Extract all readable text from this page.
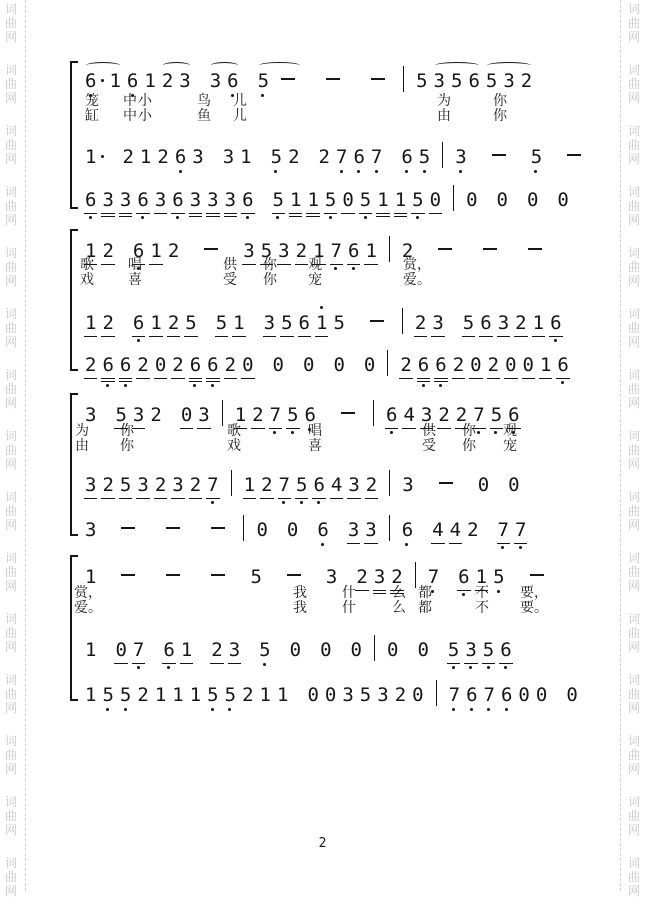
词
曲
网
词
曲
网
词
曲
网
词
曲
网
词
曲
网
词
曲
网
词
曲
网
词
曲
网
词
曲
网
词
曲
网
词
曲
网
词
曲
网
词
曲
网
词
曲
网
词
曲
网
词
曲
网
词
曲
网
词
曲
网
词
曲
网
词
曲
网
词
曲
网
词
曲
网
词
曲
网
词
曲
网
词
曲
网
词
曲
网
词
曲
网
词
曲
网
词
曲
网
词
曲
网
6 1 6 1 2 3 3 6 5	5 3 5 6 5 3 2
笼 中 小	鸟 儿	为	你
缸 中 小	鱼 儿	由	你
1 2 1 2 6 3 3 1 5 2 2 7 6 7 6 5 3	5
6 3 3 6 3 6 3 3 3 6 5 1 1 5 0 5 1 1 5 0 0 0 0 0
1 2 6 1 2	3 5 3 2 1 7 6 1 2
歌 唱	供 你 观	赏，
戏 喜	受 你 宠	爱。
1 2 6 1 2 5 5 1 3 5 6 1 5	2 3 5 6 3 2 1 6
2 6 6 2 0 2 6 6 2 0 0 0 0 0 2 6 6 2 0 2 0 0 1 6
3 5 3 2 0 3 1 2 7 5 6	6 4 3 2 2 7 5 6
为 你	歌	唱	供 你 观
由 你	戏	喜	受 你 宠
3 2 5 3 2 3 2 7 1 2 7 5 6 4 3 2 3	0 0
3	0 0 6 3 3 6 4 4 2 7 7
1	5	3 2 3 2 7 6 1 5
赏，	我	什	么 都	不 要，
爱。	我	什	么 都	不 要。
1 0 7 6 1 2 3 5 0 0 0 0 0 5 3 5 6
1 5 5 2 1 1 1 5 5 2 1 1 0 0 3 5 3 2 0 7 6 7 6 0 0 0
2
